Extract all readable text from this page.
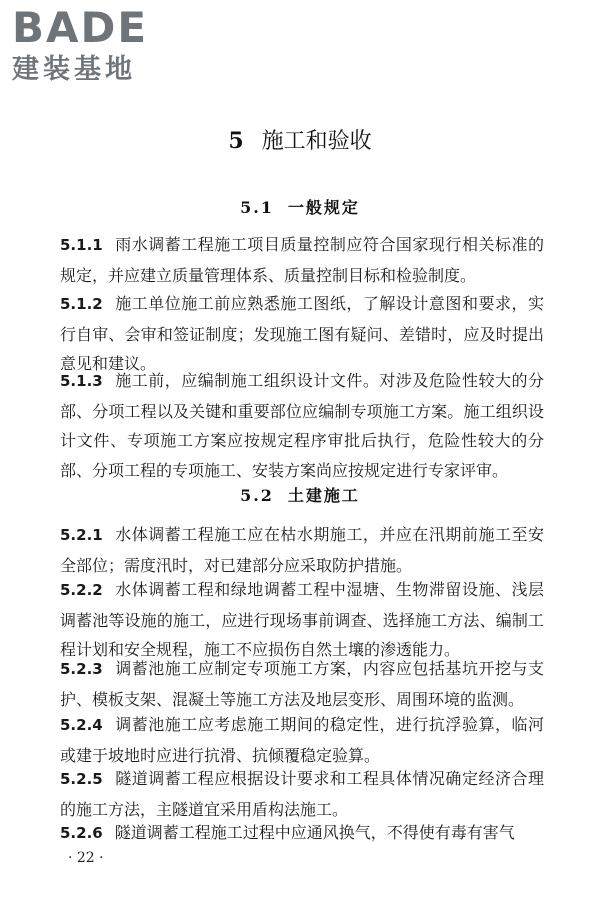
BADE
建装基地
5 施工和验收
5.1 一般规定
5.1.1 雨水调蓄工程施工项目质量控制应符合国家现行相关标准的规定，并应建立质量管理体系、质量控制目标和检验制度。
5.1.2 施工单位施工前应熟悉施工图纸，了解设计意图和要求，实行自审、会审和签证制度；发现施工图有疑问、差错时，应及时提出意见和建议。
5.1.3 施工前，应编制施工组织设计文件。对涉及危险性较大的分部、分项工程以及关键和重要部位应编制专项施工方案。施工组织设计文件、专项施工方案应按规定程序审批后执行，危险性较大的分部、分项工程的专项施工、安装方案尚应按规定进行专家评审。
5.2 土建施工
5.2.1 水体调蓄工程施工应在枯水期施工，并应在汛期前施工至安全部位；需度汛时，对已建部分应采取防护措施。
5.2.2 水体调蓄工程和绿地调蓄工程中湿塘、生物滞留设施、浅层调蓄池等设施的施工，应进行现场事前调查、选择施工方法、编制工程计划和安全规程，施工不应损伤自然土壤的渗透能力。
5.2.3 调蓄池施工应制定专项施工方案，内容应包括基坑开挖与支护、模板支架、混凝土等施工方法及地层变形、周围环境的监测。
5.2.4 调蓄池施工应考虑施工期间的稳定性，进行抗浮验算，临河或建于坡地时应进行抗滑、抗倾覆稳定验算。
5.2.5 隧道调蓄工程应根据设计要求和工程具体情况确定经济合理的施工方法，主隧道宜采用盾构法施工。
5.2.6 隧道调蓄工程施工过程中应通风换气，不得使有毒有害气
· 22 ·
